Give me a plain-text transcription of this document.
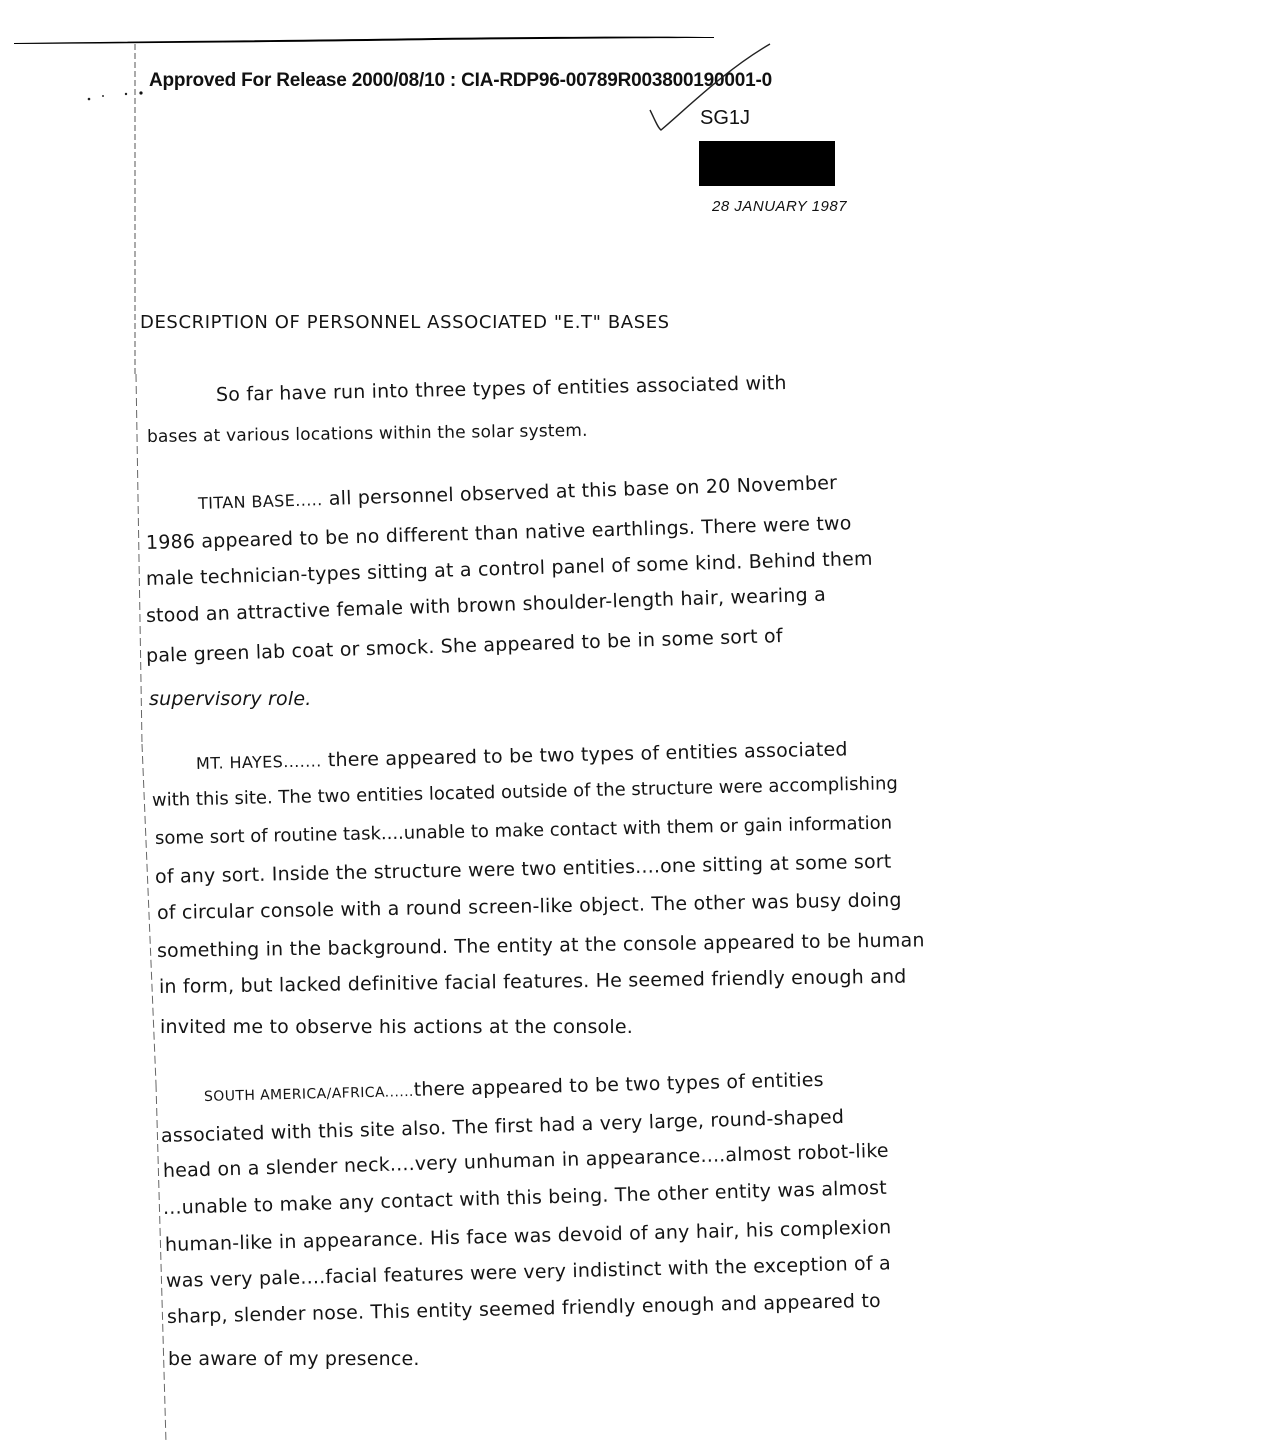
Approved For Release 2000/08/10 : CIA-RDP96-00789R003800190001-0
SG1J
28 JANUARY 1987
DESCRIPTION OF PERSONNEL ASSOCIATED "E.T" BASES
So far have run into three types of entities associated with
bases at various locations within the solar system.
TITAN BASE..... all personnel observed at this base on 20 November
1986 appeared to be no different than native earthlings. There were two
male technician-types sitting at a control panel of some kind. Behind them
stood an attractive female with brown shoulder-length hair, wearing a
pale green lab coat or smock. She appeared to be in some sort of
supervisory role.
MT. HAYES....... there appeared to be two types of entities associated
with this site. The two entities located outside of the structure were accomplishing
some sort of routine task....unable to make contact with them or gain information
of any sort. Inside the structure were two entities....one sitting at some sort
of circular console with a round screen-like object. The other was busy doing
something in the background. The entity at the console appeared to be human
in form, but lacked definitive facial features. He seemed friendly enough and
invited me to observe his actions at the console.
SOUTH AMERICA/AFRICA......there appeared to be two types of entities
associated with this site also. The first had a very large, round-shaped
head on a slender neck....very unhuman in appearance....almost robot-like
...unable to make any contact with this being. The other entity was almost
human-like in appearance. His face was devoid of any hair, his complexion
was very pale....facial features were very indistinct with the exception of a
sharp, slender nose. This entity seemed friendly enough and appeared to
be aware of my presence.
